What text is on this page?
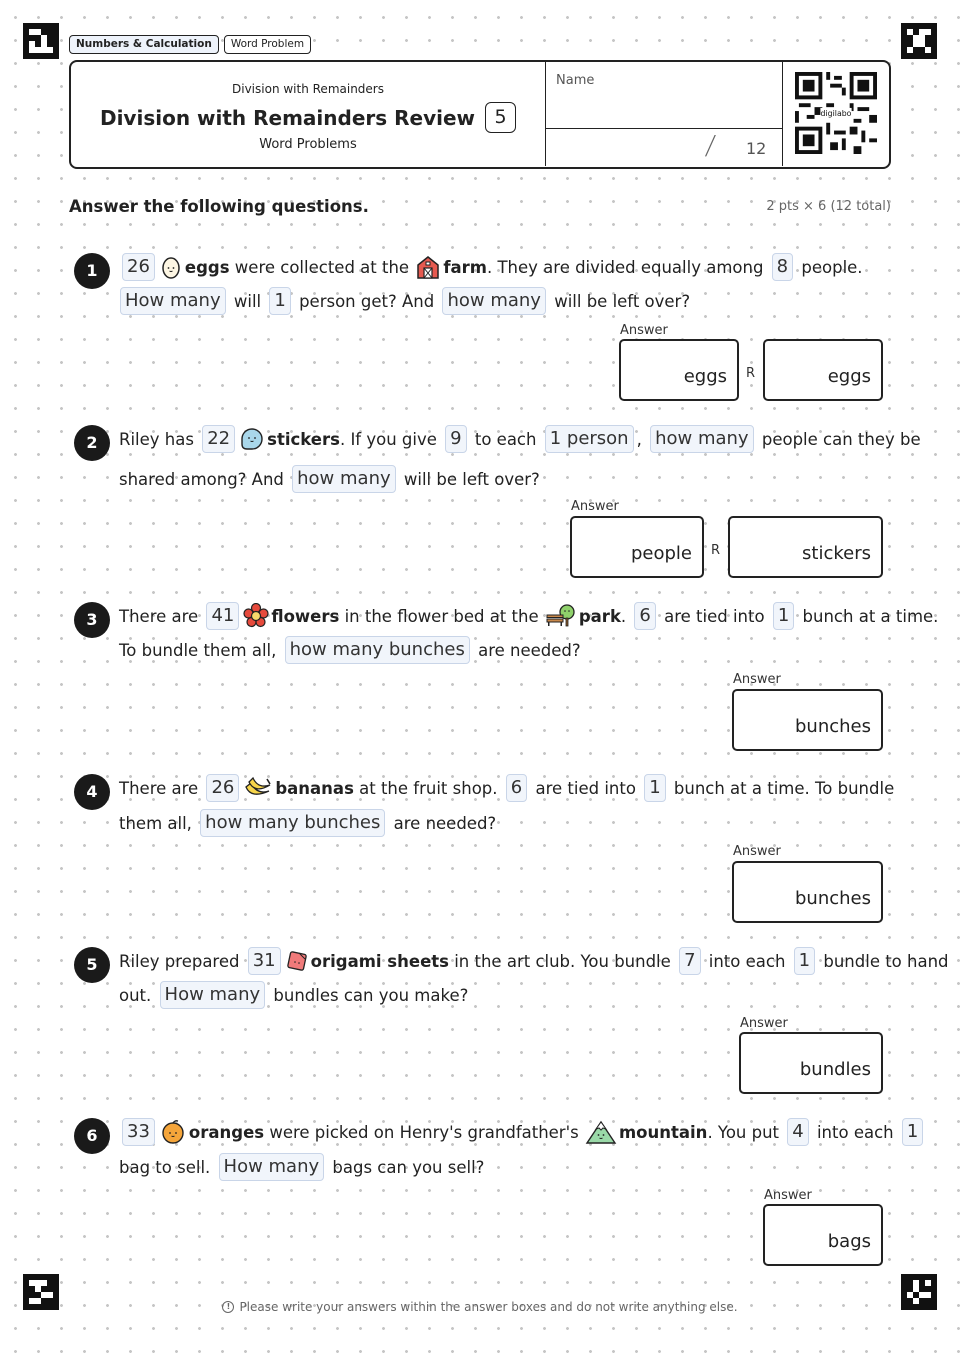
Numbers & Calculation	Word Problem
Division with Remainders
Division with Remainders Review	5
Word Problems
Name
/ 12
digilabo
Answer the following questions.	2 pts × 6 (12 total)
1	26	eggs
were collected at the
farm . They are divided equally among
8
people.
How many
will
1
person get? And
how many
will be left over?
Answer
eggs R	eggs
2	Riley has
22	stickers . If you give
9
to each
1 person ,
how many
people can they be
shared among? And
how many
will be left over?
Answer
people R	stickers
3	There are
41	flowers
in the flower bed at the
park .
6
are tied into
1
bunch at a time.
To bundle them all,
how many bunches
are needed?
Answer
bunches
4	There are
26	bananas
at the fruit shop.
6
are tied into
1
bunch at a time. To bundle
them all,
how many bunches
are needed?
Answer
bunches
5	Riley prepared
31	origami sheets
in the art club. You bundle
7
into each
1
bundle to hand
out.
How many
bundles can you make?
Answer
bundles
6	33	oranges
were picked on Henry's grandfather's
mountain . You put
4
into each
1
bag to sell.
How many
bags can you sell?
Answer
bags
! Please write your answers within the answer boxes and do not write anything else.
